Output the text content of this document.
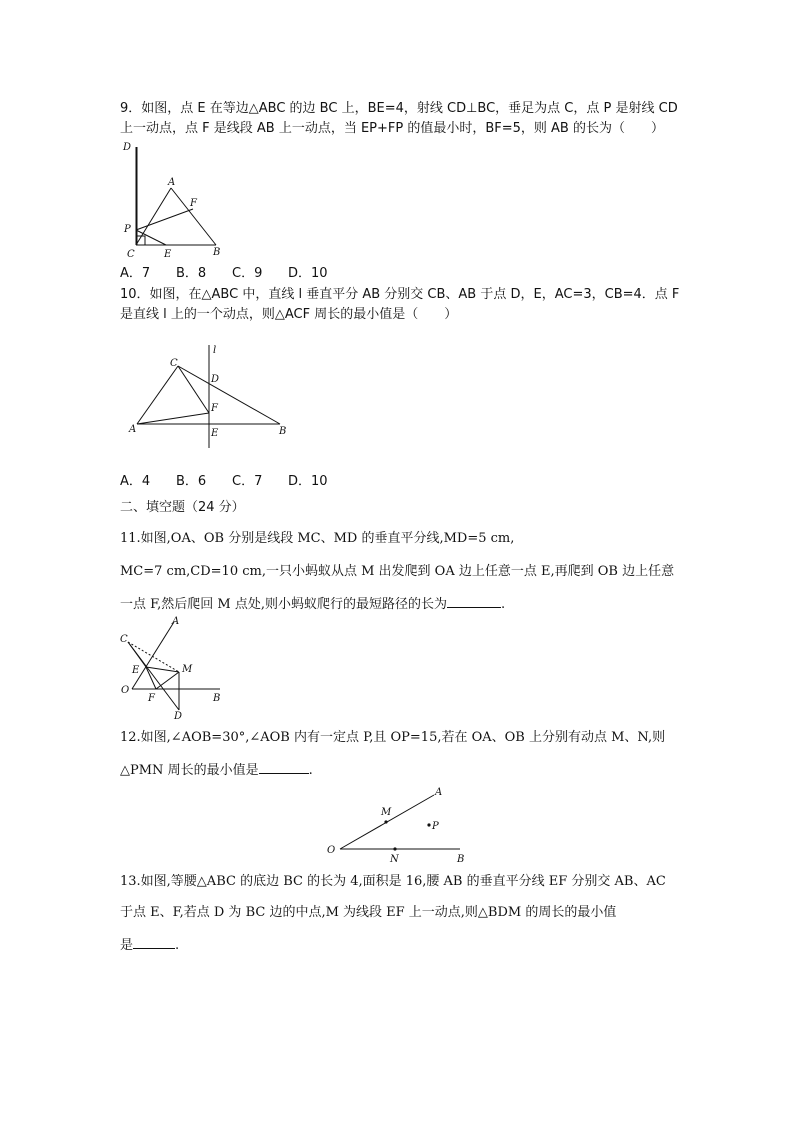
9．如图，点 E 在等边△ABC 的边 BC 上，BE=4，射线 CD⊥BC，垂足为点 C，点 P 是射线 CD
上一动点，点 F 是线段 AB 上一动点，当 EP+FP 的值最小时，BF=5，则 AB 的长为（　　）
D
A
F
P
C	E	B
A．7 B．8 C．9 D．10
10．如图，在△ABC 中，直线 l 垂直平分 AB 分别交 CB、AB 于点 D，E，AC=3，CB=4．点 F
是直线 l 上的一个动点，则△ACF 周长的最小值是（　　）
l
C
D
F
A	E	B
A．4 B．6 C．7 D．10
二、填空题（24 分）
11.如图,OA、OB 分别是线段 MC、MD 的垂直平分线,MD=5 cm,
MC=7 cm,CD=10 cm,一只小蚂蚁从点 M 出发爬到 OA 边上任意一点 E,再爬到 OB 边上任意
一点 F,然后爬回 M 点处,则小蚂蚁爬行的最短路径的长为	.
C
A
E	M
O
F	B
D
12.如图,∠AOB=30°,∠AOB 内有一定点 P,且 OP=15,若在 OA、OB 上分别有动点 M、N,则
△PMN 周长的最小值是	.
M
A
P
O
N	B
13.如图,等腰△ABC 的底边 BC 的长为 4,面积是 16,腰 AB 的垂直平分线 EF 分别交 AB、AC
于点 E、F,若点 D 为 BC 边的中点,M 为线段 EF 上一动点,则△BDM 的周长的最小值
是	.
